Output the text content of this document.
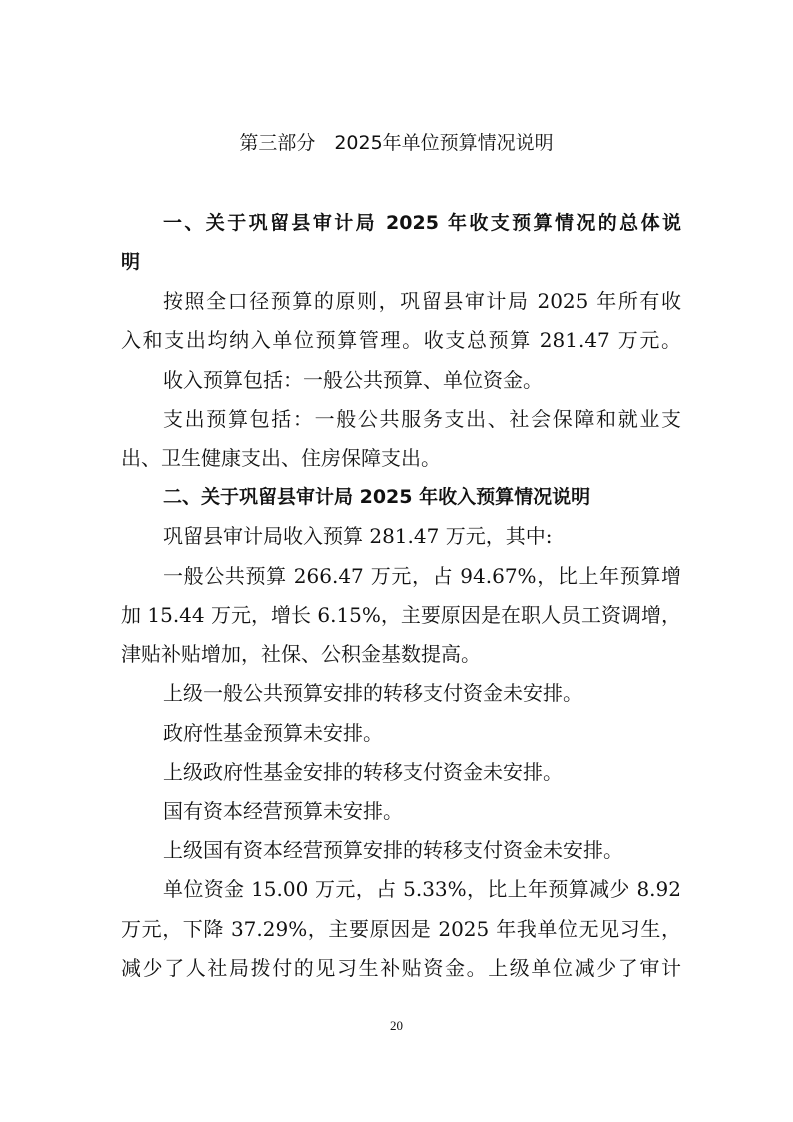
第三部分　2025年单位预算情况说明
一、关于巩留县审计局 2025 年收支预算情况的总体说
明
按照全口径预算的原则，巩留县审计局 2025 年所有收
入和支出均纳入单位预算管理。收支总预算 281.47 万元。
收入预算包括：一般公共预算、单位资金。
支出预算包括：一般公共服务支出、社会保障和就业支
出、卫生健康支出、住房保障支出。
二、关于巩留县审计局 2025 年收入预算情况说明
巩留县审计局收入预算 281.47 万元，其中:
一般公共预算 266.47 万元，占 94.67%，比上年预算增
加 15.44 万元，增长 6.15%，主要原因是在职人员工资调增，
津贴补贴增加，社保、公积金基数提高。
上级一般公共预算安排的转移支付资金未安排。
政府性基金预算未安排。
上级政府性基金安排的转移支付资金未安排。
国有资本经营预算未安排。
上级国有资本经营预算安排的转移支付资金未安排。
单位资金 15.00 万元，占 5.33%，比上年预算减少 8.92
万元，下降 37.29%，主要原因是 2025 年我单位无见习生，
减少了人社局拨付的见习生补贴资金。上级单位减少了审计
20
